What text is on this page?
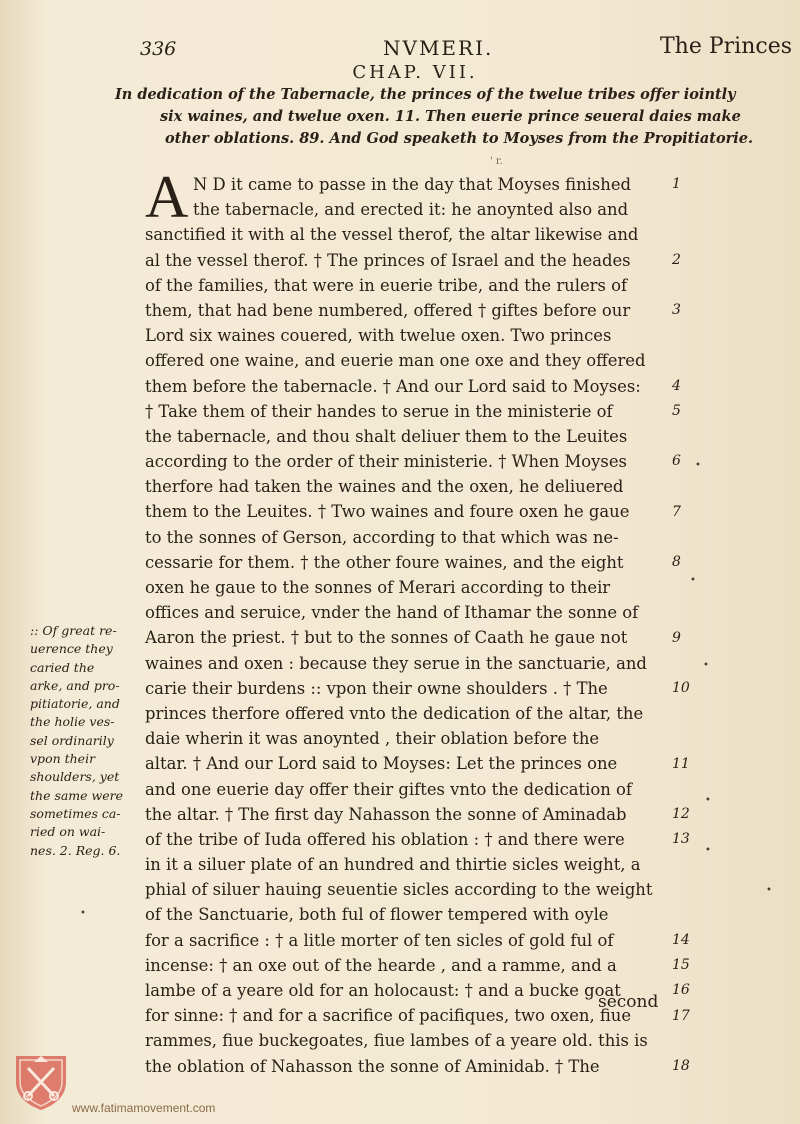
336	NVMERI.	The Princes
CHAP. VII.
In dedication of the Tabernacle, the princes of the twelue tribes offer iointly
six waines, and twelue oxen. 11. Then euerie prince seueral daies make
other oblations. 89. And God speaketh to Moyses from the Propitiatorie.
' r.
A N D it came to passe in the day that Moyses finished
the tabernacle, and erected it: he anoynted also and
sanctified it with al the vessel therof, the altar likewise and
al the vessel therof. † The princes of Israel and the heades
of the families, that were in euerie tribe, and the rulers of
them, that had bene numbered, offered † giftes before our
Lord six waines couered, with twelue oxen. Two princes
offered one waine, and euerie man one oxe and they offered
them before the tabernacle. † And our Lord said to Moyses:
† Take them of their handes to serue in the ministerie of
the tabernacle, and thou shalt deliuer them to the Leuites
according to the order of their ministerie. † When Moyses
therfore had taken the waines and the oxen, he deliuered
them to the Leuites. † Two waines and foure oxen he gaue
to the sonnes of Gerson, according to that which was ne-
cessarie for them. † the other foure waines, and the eight
oxen he gaue to the sonnes of Merari according to their
offices and seruice, vnder the hand of Ithamar the sonne of
Aaron the priest. † but to the sonnes of Caath he gaue not
waines and oxen : because they serue in the sanctuarie, and
carie their burdens :: vpon their owne shoulders . † The
princes therfore offered vnto the dedication of the altar, the
daie wherin it was anoynted , their oblation before the
altar. † And our Lord said to Moyses: Let the princes one
and one euerie day offer their giftes vnto the dedication of
the altar. † The first day Nahasson the sonne of Aminadab
of the tribe of Iuda offered his oblation : † and there were
in it a siluer plate of an hundred and thirtie sicles weight, a
phial of siluer hauing seuentie sicles according to the weight
of the Sanctuarie, both ful of flower tempered with oyle
for a sacrifice : † a litle morter of ten sicles of gold ful of
incense: † an oxe out of the hearde , and a ramme, and a
lambe of a yeare old for an holocaust: † and a bucke goat
for sinne: † and for a sacrifice of pacifiques, two oxen, fiue
rammes, fiue buckegoates, fiue lambes of a yeare old. this is
the oblation of Nahasson the sonne of Aminidab. † The
1
2
3
4
5
6
7
8
9
10
11
12
13
14
15
16
17
18
:: Of great re-
uerence they
caried the
arke, and pro-
pitiatorie, and
the holie ves-
sel ordinarily
vpon their
shoulders, yet
the same were
sometimes ca-
ried on wai-
nes. 2. Reg. 6.
second
•
•
•
•
•
•
•
www.fatimamovement.com
